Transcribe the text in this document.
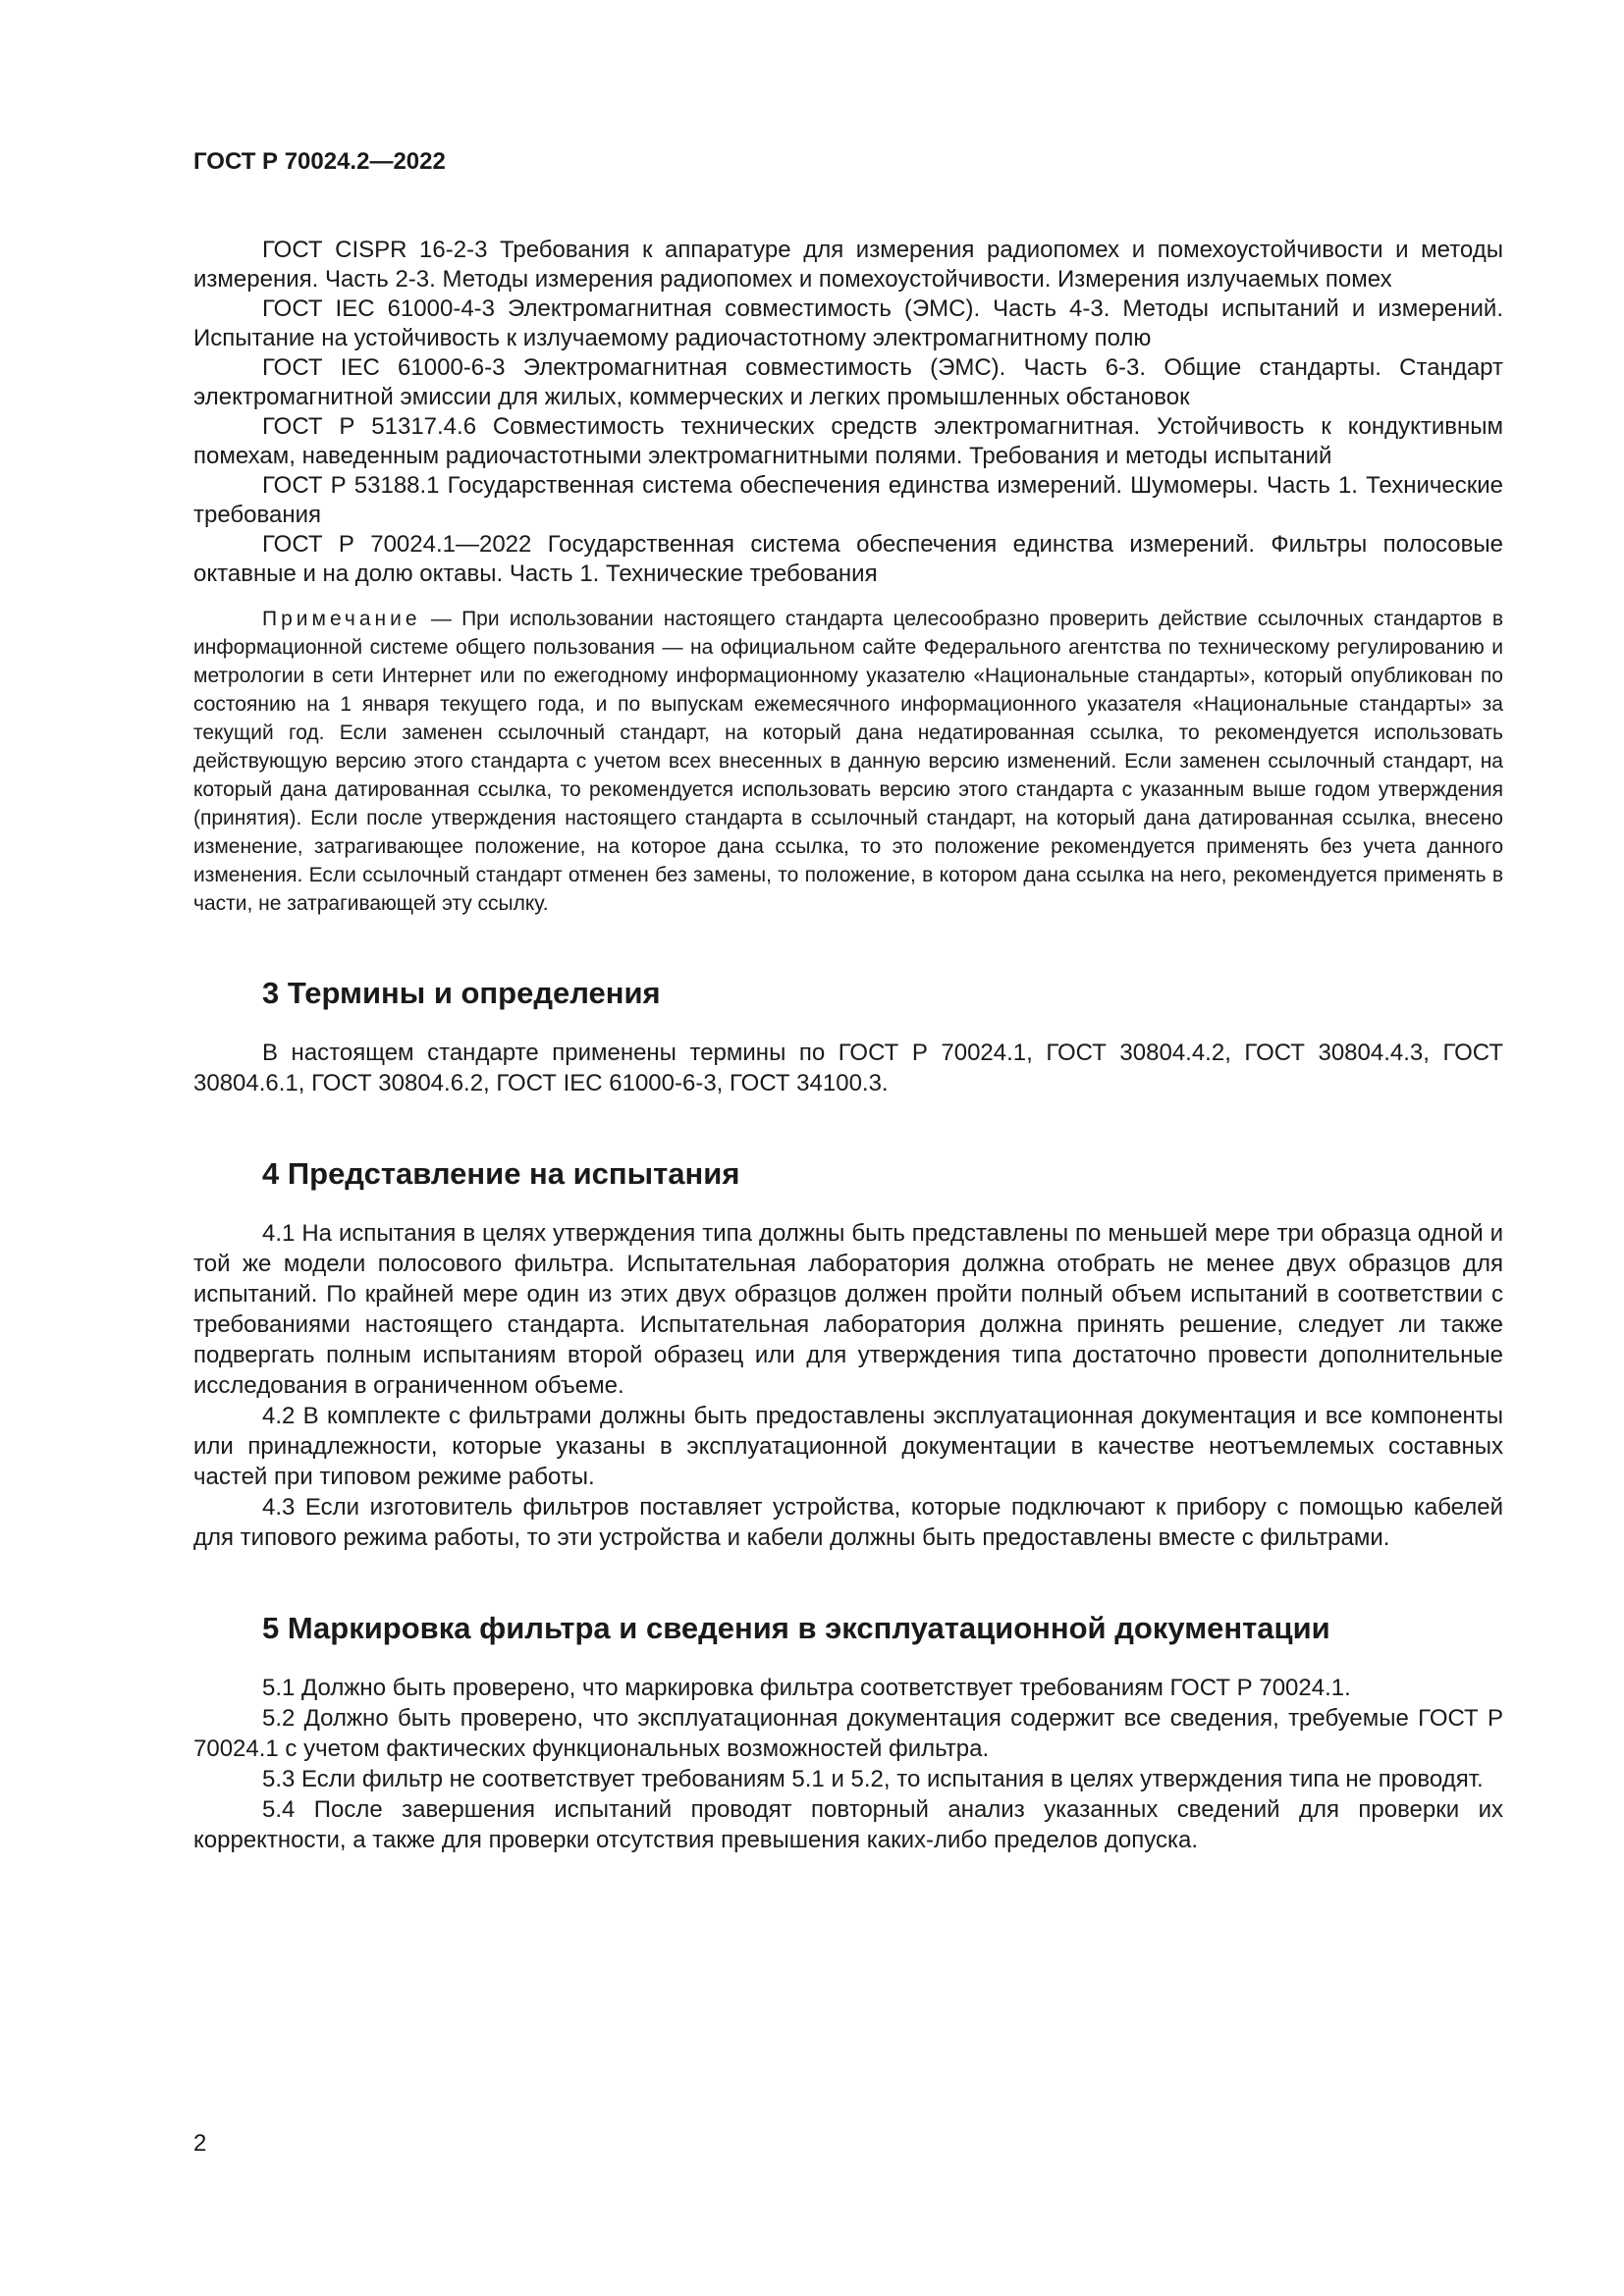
ГОСТ Р 70024.2—2022

ГОСТ CISPR 16-2-3 Требования к аппаратуре для измерения радиопомех и помехоустойчивости и методы измерения. Часть 2-3. Методы измерения радиопомех и помехоустойчивости. Измерения излучаемых помех

ГОСТ IEC 61000-4-3 Электромагнитная совместимость (ЭМС). Часть 4-3. Методы испытаний и измерений. Испытание на устойчивость к излучаемому радиочастотному электромагнитному полю

ГОСТ IEC 61000-6-3 Электромагнитная совместимость (ЭМС). Часть 6-3. Общие стандарты. Стандарт электромагнитной эмиссии для жилых, коммерческих и легких промышленных обстановок

ГОСТ Р 51317.4.6 Совместимость технических средств электромагнитная. Устойчивость к кондуктивным помехам, наведенным радиочастотными электромагнитными полями. Требования и методы испытаний

ГОСТ Р 53188.1 Государственная система обеспечения единства измерений. Шумомеры. Часть 1. Технические требования

ГОСТ Р 70024.1—2022 Государственная система обеспечения единства измерений. Фильтры полосовые октавные и на долю октавы. Часть 1. Технические требования

Примечание — При использовании настоящего стандарта целесообразно проверить действие ссылочных стандартов в информационной системе общего пользования — на официальном сайте Федерального агентства по техническому регулированию и метрологии в сети Интернет или по ежегодному информационному указателю «Национальные стандарты», который опубликован по состоянию на 1 января текущего года, и по выпускам ежемесячного информационного указателя «Национальные стандарты» за текущий год. Если заменен ссылочный стандарт, на который дана недатированная ссылка, то рекомендуется использовать действующую версию этого стандарта с учетом всех внесенных в данную версию изменений. Если заменен ссылочный стандарт, на который дана датированная ссылка, то рекомендуется использовать версию этого стандарта с указанным выше годом утверждения (принятия). Если после утверждения настоящего стандарта в ссылочный стандарт, на который дана датированная ссылка, внесено изменение, затрагивающее положение, на которое дана ссылка, то это положение рекомендуется применять без учета данного изменения. Если ссылочный стандарт отменен без замены, то положение, в котором дана ссылка на него, рекомендуется применять в части, не затрагивающей эту ссылку.

3 Термины и определения

В настоящем стандарте применены термины по ГОСТ Р 70024.1, ГОСТ 30804.4.2, ГОСТ 30804.4.3, ГОСТ 30804.6.1, ГОСТ 30804.6.2, ГОСТ IEC 61000-6-3, ГОСТ 34100.3.

4 Представление на испытания

4.1 На испытания в целях утверждения типа должны быть представлены по меньшей мере три образца одной и той же модели полосового фильтра. Испытательная лаборатория должна отобрать не менее двух образцов для испытаний. По крайней мере один из этих двух образцов должен пройти полный объем испытаний в соответствии с требованиями настоящего стандарта. Испытательная лаборатория должна принять решение, следует ли также подвергать полным испытаниям второй образец или для утверждения типа достаточно провести дополнительные исследования в ограниченном объеме.

4.2 В комплекте с фильтрами должны быть предоставлены эксплуатационная документация и все компоненты или принадлежности, которые указаны в эксплуатационной документации в качестве неотъемлемых составных частей при типовом режиме работы.

4.3 Если изготовитель фильтров поставляет устройства, которые подключают к прибору с помощью кабелей для типового режима работы, то эти устройства и кабели должны быть предоставлены вместе с фильтрами.

5 Маркировка фильтра и сведения в эксплуатационной документации

5.1 Должно быть проверено, что маркировка фильтра соответствует требованиям ГОСТ Р 70024.1.

5.2 Должно быть проверено, что эксплуатационная документация содержит все сведения, требуемые ГОСТ Р 70024.1 с учетом фактических функциональных возможностей фильтра.

5.3 Если фильтр не соответствует требованиям 5.1 и 5.2, то испытания в целях утверждения типа не проводят.

5.4 После завершения испытаний проводят повторный анализ указанных сведений для проверки их корректности, а также для проверки отсутствия превышения каких-либо пределов допуска.

2
